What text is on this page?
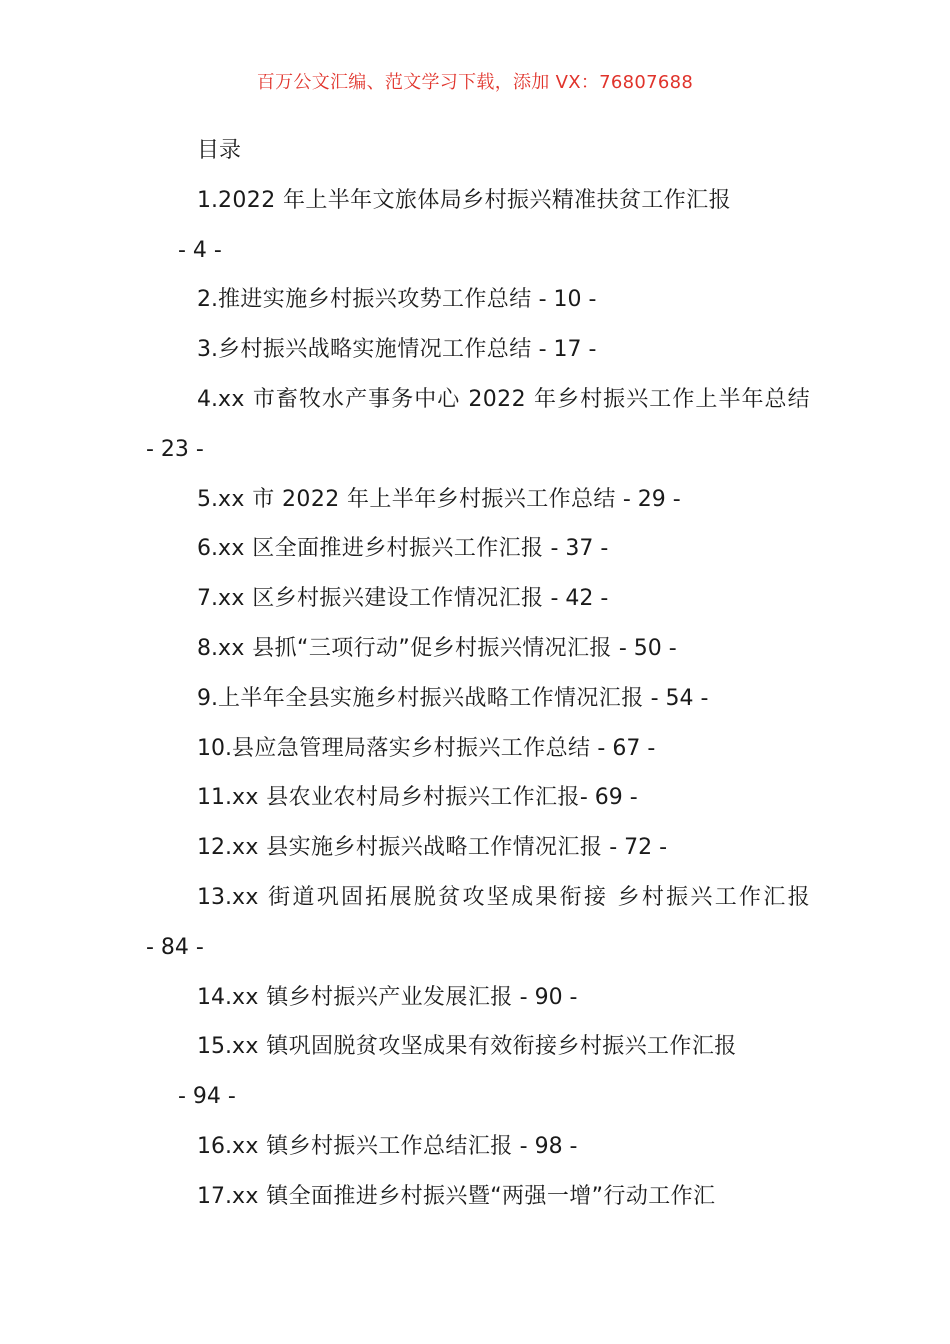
百万公文汇编、范文学习下载，添加 VX：76807688
目录
1.2022 年上半年文旅体局乡村振兴精准扶贫工作汇报
- 4 -
2.推进实施乡村振兴攻势工作总结 - 10 -
3.乡村振兴战略实施情况工作总结 - 17 -
4.xx 市畜牧水产事务中心 2022 年乡村振兴工作上半年总结 - 23 -
5.xx 市 2022 年上半年乡村振兴工作总结 - 29 -
6.xx 区全面推进乡村振兴工作汇报 - 37 -
7.xx 区乡村振兴建设工作情况汇报 - 42 -
8.xx 县抓“三项行动”促乡村振兴情况汇报 - 50 -
9.上半年全县实施乡村振兴战略工作情况汇报 - 54 -
10.县应急管理局落实乡村振兴工作总结 - 67 -
11.xx 县农业农村局乡村振兴工作汇报- 69 -
12.xx 县实施乡村振兴战略工作情况汇报 - 72 -
13.xx 街道巩固拓展脱贫攻坚成果衔接 乡村振兴工作汇报 - 84 -
14.xx 镇乡村振兴产业发展汇报 - 90 -
15.xx 镇巩固脱贫攻坚成果有效衔接乡村振兴工作汇报
- 94 -
16.xx 镇乡村振兴工作总结汇报 - 98 -
17.xx 镇全面推进乡村振兴暨“两强一增”行动工作汇
